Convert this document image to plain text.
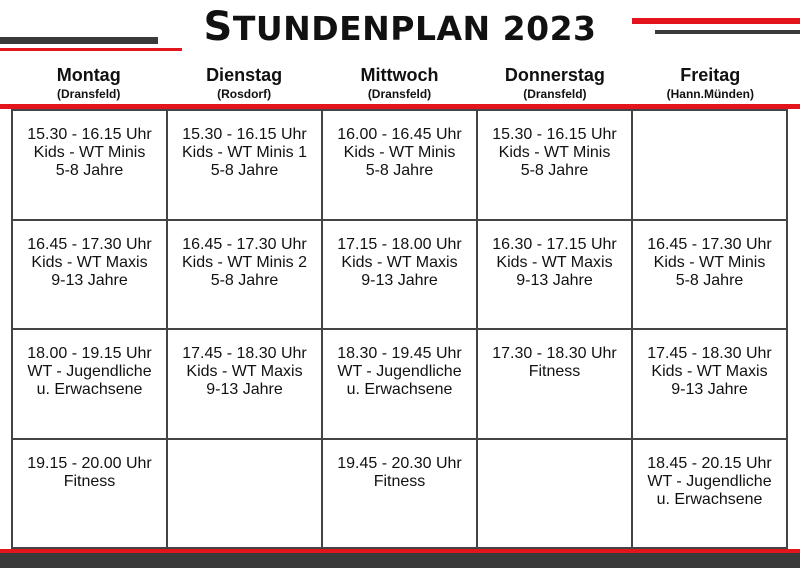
STUNDENPLAN 2023
Montag
(Dransfeld)
Dienstag
(Rosdorf)
Mittwoch
(Dransfeld)
Donnerstag
(Dransfeld)
Freitag
(Hann.Münden)
15.30 - 16.15 Uhr
Kids - WT Minis
5-8 Jahre
15.30 - 16.15 Uhr
Kids - WT Minis 1
5-8 Jahre
16.00 - 16.45 Uhr
Kids - WT Minis
5-8 Jahre
15.30 - 16.15 Uhr
Kids - WT Minis
5-8 Jahre
16.45 - 17.30 Uhr
Kids - WT Maxis
9-13 Jahre
16.45 - 17.30 Uhr
Kids - WT Minis 2
5-8 Jahre
17.15 - 18.00 Uhr
Kids - WT Maxis
9-13 Jahre
16.30 - 17.15 Uhr
Kids - WT Maxis
9-13 Jahre
16.45 - 17.30 Uhr
Kids - WT Minis
5-8 Jahre
18.00 - 19.15 Uhr
WT - Jugendliche
u. Erwachsene
17.45 - 18.30 Uhr
Kids - WT Maxis
9-13 Jahre
18.30 - 19.45 Uhr
WT - Jugendliche
u. Erwachsene
17.30 - 18.30 Uhr
Fitness
17.45 - 18.30 Uhr
Kids - WT Maxis
9-13 Jahre
19.15 - 20.00 Uhr
Fitness
19.45 - 20.30 Uhr
Fitness
18.45 - 20.15 Uhr
WT - Jugendliche
u. Erwachsene
